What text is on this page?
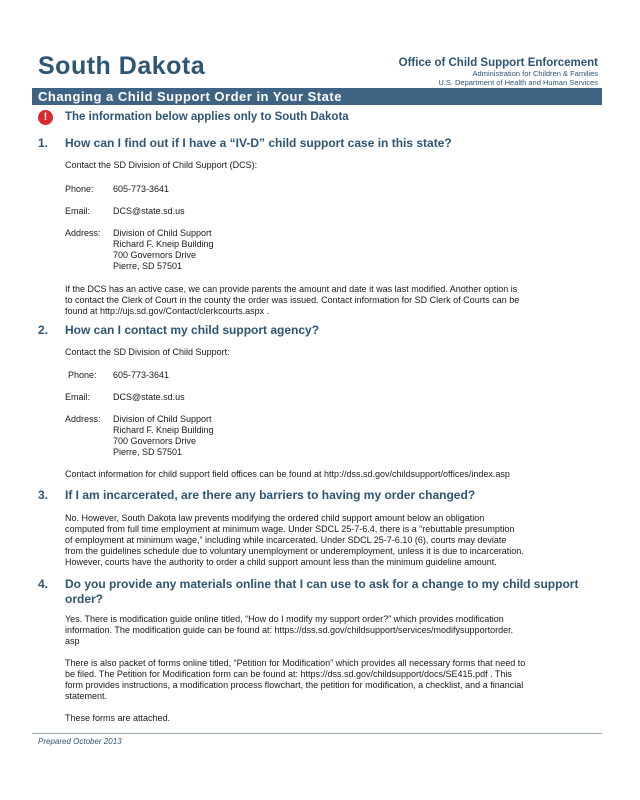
South Dakota	Office of Child Support Enforcement
Administration for Children & Families
U.S. Department of Health and Human Services
Changing a Child Support Order in Your State
!	The information below applies only to South Dakota
1. How can I find out if I have a “IV-D” child support case in this state?
Contact the SD Division of Child Support (DCS):
Phone: 605-773-3641
Email:	DCS@state.sd.us
Address: Division of Child Support
Richard F. Kneip Building
700 Governors Drive
Pierre, SD 57501
If the DCS has an active case, we can provide parents the amount and date it was last modified. Another option is
to contact the Clerk of Court in the county the order was issued. Contact information for SD Clerk of Courts can be
found at http://ujs.sd.gov/Contact/clerkcourts.aspx .
2. How can I contact my child support agency?
Contact the SD Division of Child Support:
Phone: 605-773-3641
Email:	DCS@state.sd.us
Address: Division of Child Support
Richard F. Kneip Building
700 Governors Drive
Pierre, SD 57501
Contact information for child support field offices can be found at http://dss.sd.gov/childsupport/offices/index.asp
3. If I am incarcerated, are there any barriers to having my order changed?
No. However, South Dakota law prevents modifying the ordered child support amount below an obligation
computed from full time employment at minimum wage. Under SDCL 25-7-6.4, there is a “rebuttable presumption
of employment at minimum wage,” including while incarcerated. Under SDCL 25-7-6.10 (6), courts may deviate
from the guidelines schedule due to voluntary unemployment or underemployment, unless it is due to incarceration.
However, courts have the authority to order a child support amount less than the minimum guideline amount.
4. Do you provide any materials online that I can use to ask for a change to my child support
order?
Yes. There is modification guide online titled, “How do I modify my support order?” which provides modification
information. The modification guide can be found at: https://dss.sd.gov/childsupport/services/modifysupportorder.
asp
There is also packet of forms online titled, “Petition for Modification” which provides all necessary forms that need to
be filed. The Petition for Modification form can be found at: https://dss.sd.gov/childsupport/docs/SE415.pdf . This
form provides instructions, a modification process flowchart, the petition for modification, a checklist, and a financial
statement.
These forms are attached.
Prepared October 2013
